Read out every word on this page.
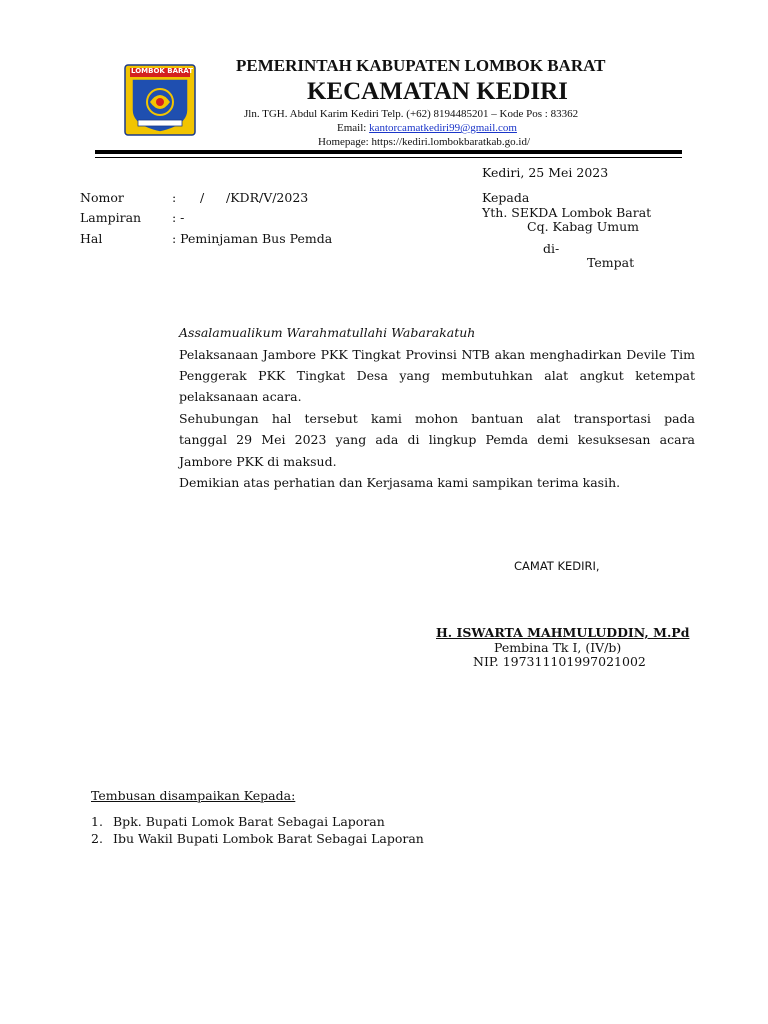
LOMBOK BARAT	PEMERINTAH KABUPATEN LOMBOK BARAT
KECAMATAN KEDIRI
Jln. TGH. Abdul Karim Kediri Telp. (+62) 8194485201 – Kode Pos : 83362
Email: kantorcamatkediri99@gmail.com
Homepage: https://kediri.lombokbaratkab.go.id/
Kediri, 25 Mei 2023
Nomor	: / /KDR/V/2023
Lampiran : -
Hal	: Peminjaman Bus Pemda
Kepada
Yth. SEKDA Lombok Barat
Cq. Kabag Umum
di-
Tempat
Assalamualikum Warahmatullahi Wabarakatuh
Pelaksanaan Jambore PKK Tingkat Provinsi NTB akan menghadirkan Devile Tim
Penggerak PKK Tingkat Desa yang membutuhkan alat angkut ketempat
pelaksanaan acara.
Sehubungan hal tersebut kami mohon bantuan alat transportasi pada
tanggal 29 Mei 2023 yang ada di lingkup Pemda demi kesuksesan acara
Jambore PKK di maksud.
Demikian atas perhatian dan Kerjasama kami sampikan terima kasih.
CAMAT KEDIRI,
H. ISWARTA MAHMULUDDIN, M.Pd
Pembina Tk I, (IV/b)
NIP. 197311101997021002
Tembusan disampaikan Kepada:
1. Bpk. Bupati Lomok Barat Sebagai Laporan
2. Ibu Wakil Bupati Lombok Barat Sebagai Laporan
